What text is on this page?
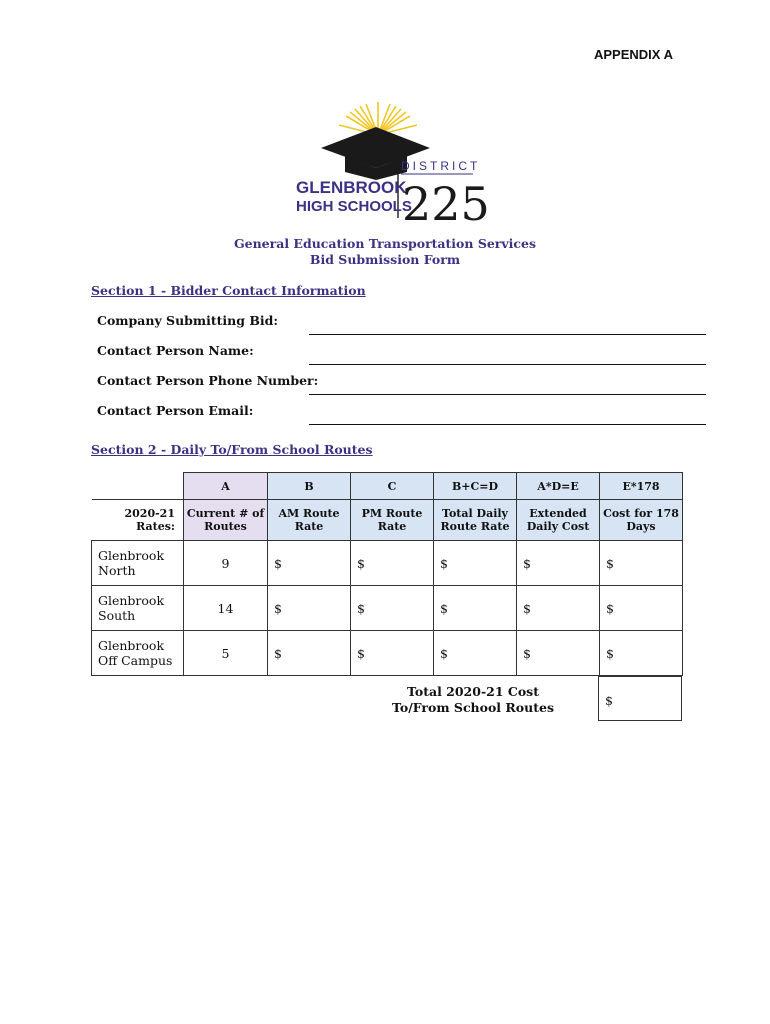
APPENDIX A
GLENBROOK
HIGH SCHOOLS
DISTRICT
225
General Education Transportation Services
Bid Submission Form
Section 1 - Bidder Contact Information
Company Submitting Bid:
Contact Person Name:
Contact Person Phone Number:
Contact Person Email:
Section 2 - Daily To/From School Routes
	A	B	C	B+C=D	A*D=E	E*178
2020-21 Rates:	Current # of Routes	AM Route Rate	PM Route Rate	Total Daily Route Rate	Extended Daily Cost	Cost for 178 Days
Glenbrook
North	9	$	$	$	$	$
Glenbrook
South	14	$	$	$	$	$
Glenbrook
Off Campus	5	$	$	$	$	$
Total 2020-21 Cost
To/From School Routes	$
